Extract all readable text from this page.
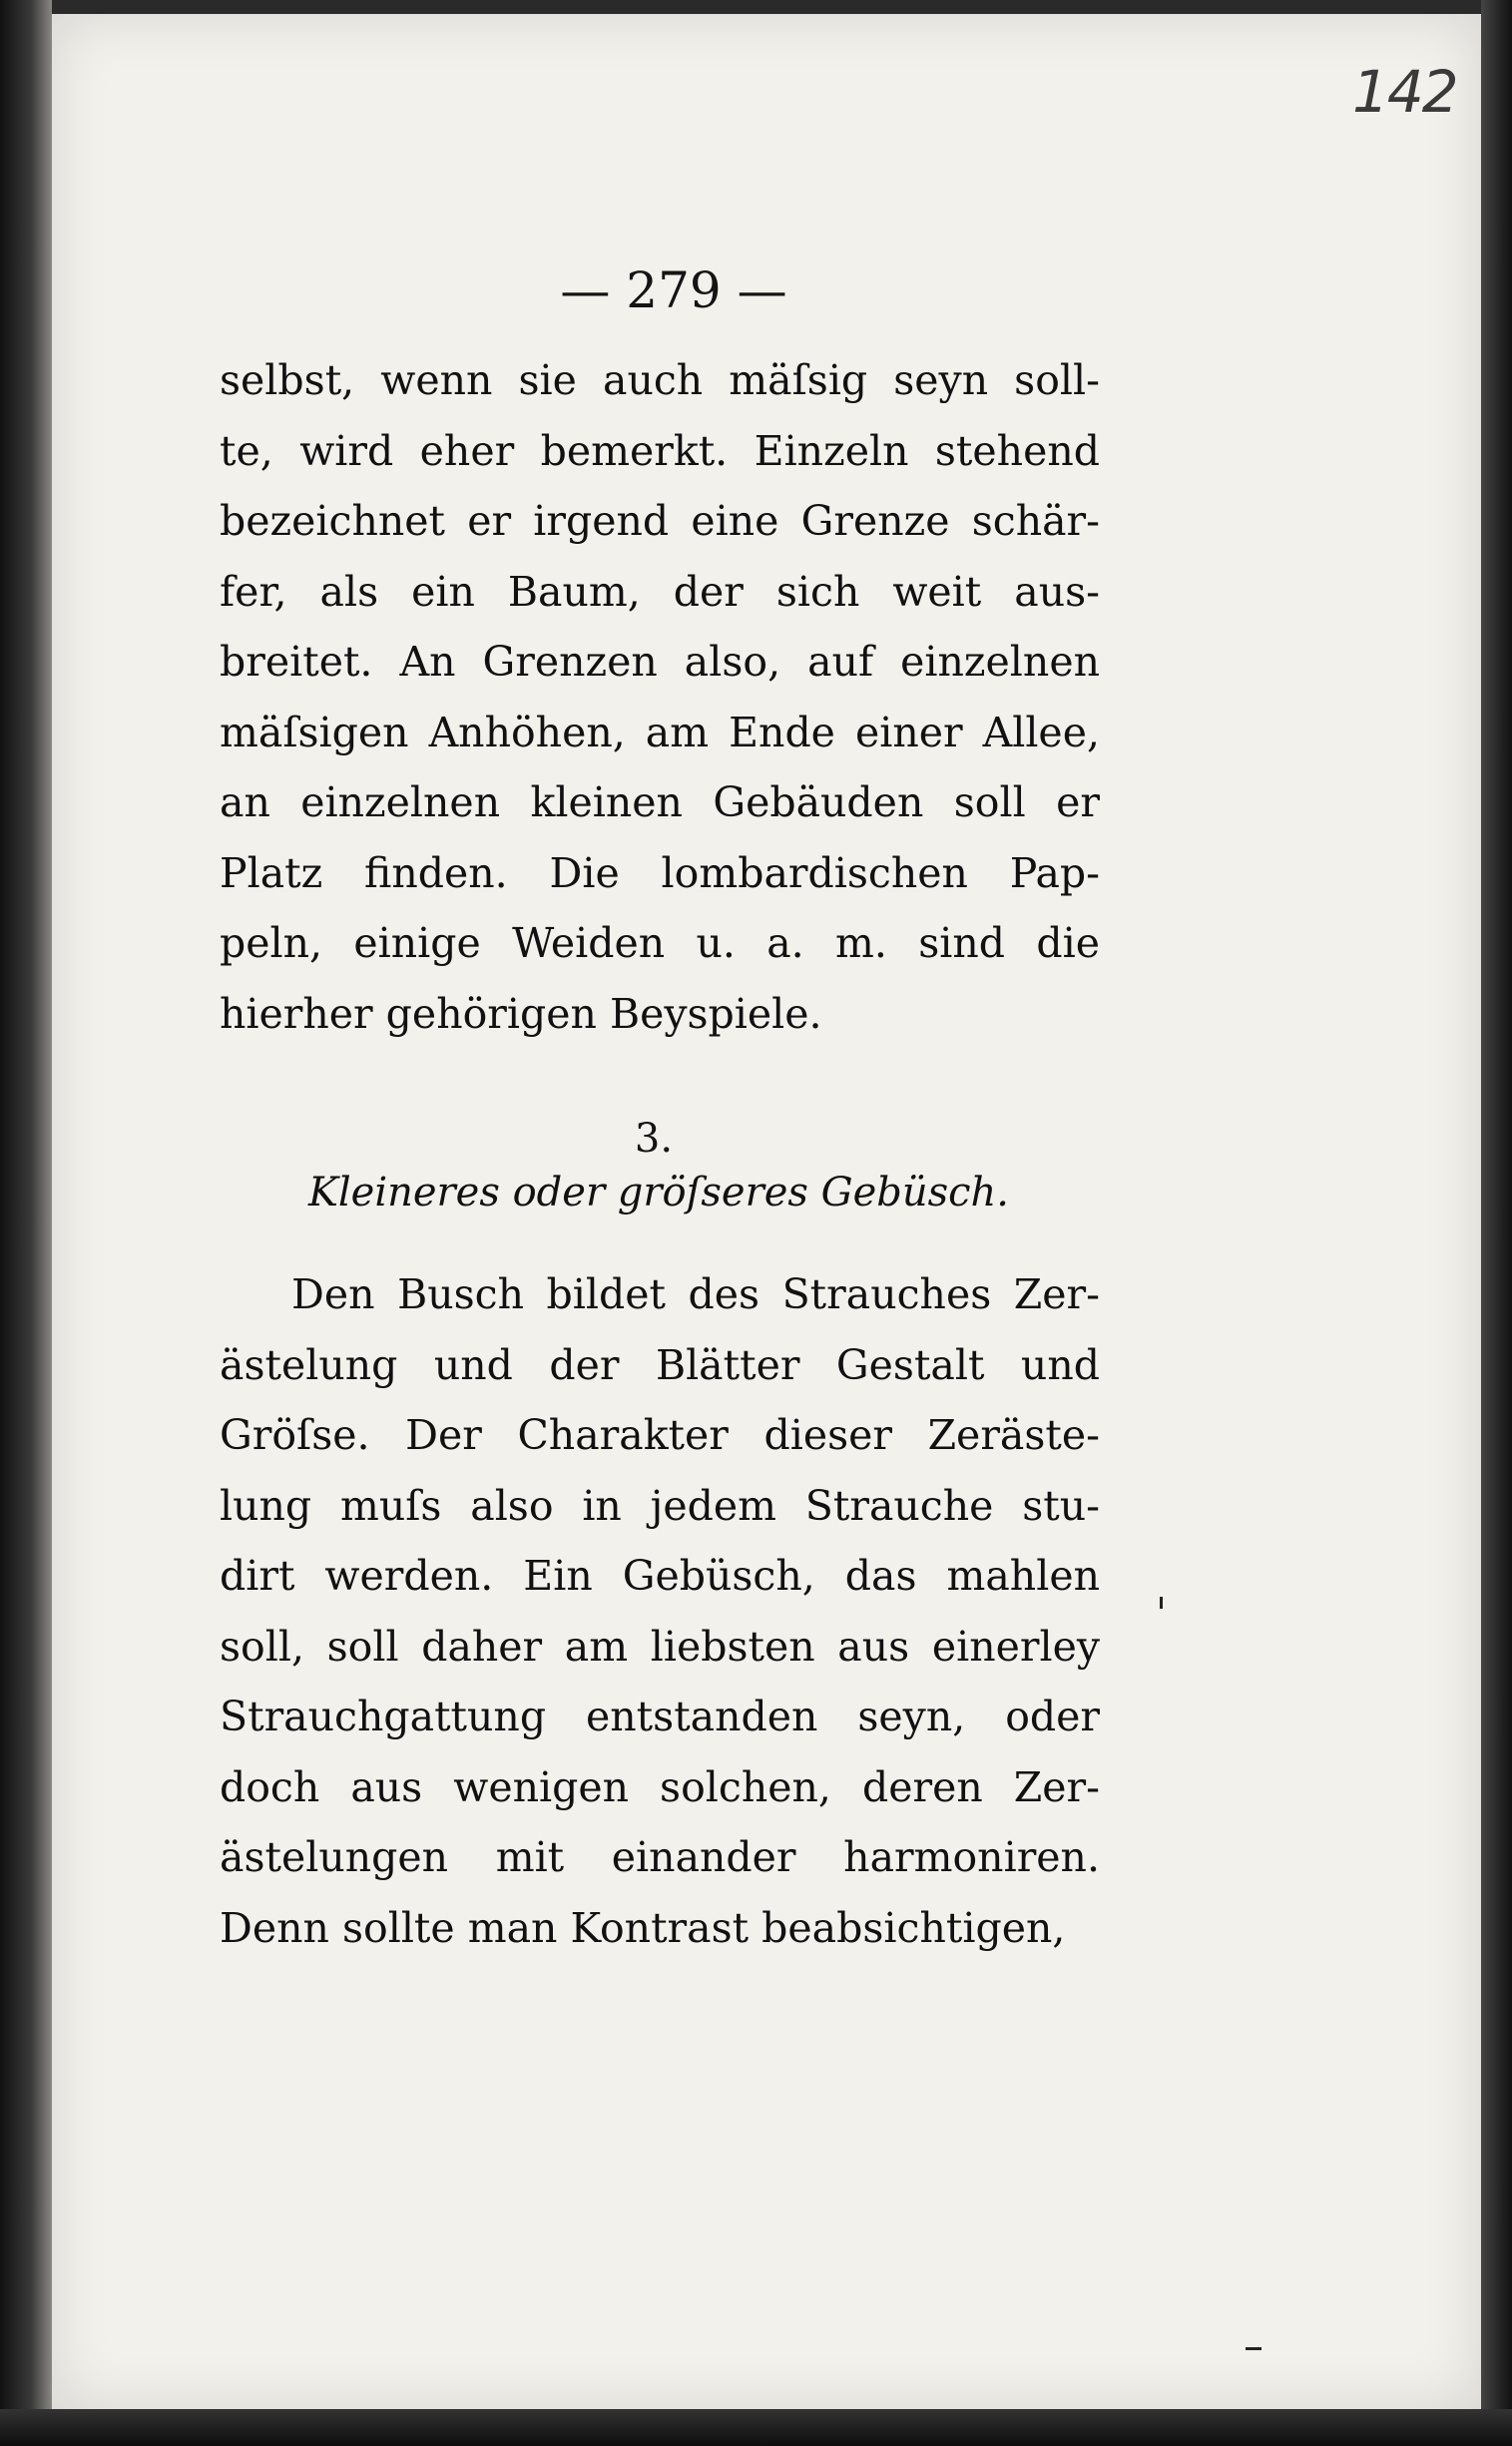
142
— 279 —
selbst, wenn sie auch mäſsig seyn soll-
te, wird eher bemerkt. Einzeln stehend
bezeichnet er irgend eine Grenze schär-
fer, als ein Baum, der sich weit aus-
breitet. An Grenzen also, auf einzelnen
mäſsigen Anhöhen, am Ende einer Allee,
an einzelnen kleinen Gebäuden soll er
Platz finden. Die lombardischen Pap-
peln, einige Weiden u. a. m. sind die
hierher gehörigen Beyspiele.
3.
Kleineres oder gröſseres Gebüsch.
Den Busch bildet des Strauches Zer-
ästelung und der Blätter Gestalt und
Gröſse. Der Charakter dieser Zeräste-
lung muſs also in jedem Strauche stu-
dirt werden. Ein Gebüsch, das mahlen
soll, soll daher am liebsten aus einerley
Strauchgattung entstanden seyn, oder
doch aus wenigen solchen, deren Zer-
ästelungen mit einander harmoniren.
Denn sollte man Kontrast beabsichtigen,
